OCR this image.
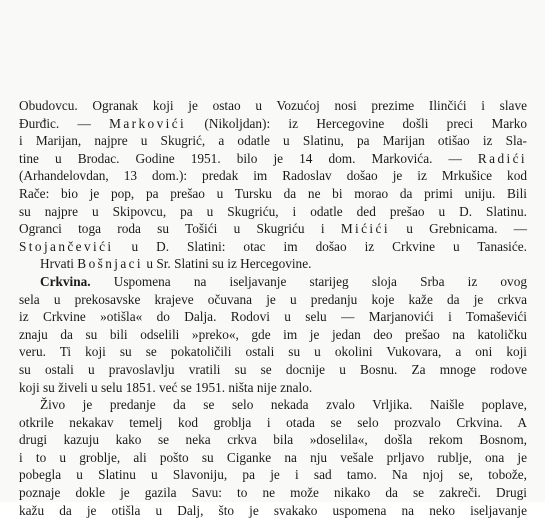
Obudovcu. Ogranak koji je ostao u Vozućoj nosi prezime Ilinčići i slave
Đurđic. — Markovići (Nikoljdan): iz Hercegovine došli preci Marko
i Marijan, najpre u Skugrić, a odatle u Slatinu, pa Marijan otišao iz Sla-
tine u Brodac. Godine 1951. bilo je 14 dom. Markovića. — Radići
(Arhandelovdan, 13 dom.): predak im Radoslav došao je iz Mrkušice kod
Rače: bio je pop, pa prešao u Tursku da ne bi morao da primi uniju. Bili
su najpre u Skipovcu, pa u Skugriću, i odatle dеd prešao u D. Slatinu.
Ogranci toga roda su Tošići u Skugriću i Mićići u Grebnicama. —
Stojančevići u D. Slatini: otac im došao iz Crkvine u Tanasiće.
Hrvati Bošnjaci u Sr. Slatini su iz Hercegovine.
Crkvina. Uspomena na iseljavanje starijeg sloja Srba iz ovog
sela u prekosavske krajeve očuvana je u predanju koje kaže da je crkva
iz Crkvine »otišla« do Dalja. Rodovi u selu — Marjanovići i Tomaševići
znaju da su bili odselili »preko«, gde im je jedan deo prešao na katoličku
veru. Ti koji su se pokatoličili ostali su u okolini Vukovara, a oni koji
su ostali u pravoslavlju vratili su se docnije u Bosnu. Za mnoge rodove
koji su živeli u selu 1851. već se 1951. ništa nije znalo.
Živo je predanje da se selo nekada zvalo Vrljika. Naišle poplave,
otkrile nekakav temelj kod groblja i otada se selo prozvalo Crkvina. A
drugi kazuju kako se neka crkva bila »doselila«, došla rekom Bosnom,
i to u groblje, ali pošto su Ciganke na nju vešale prljavo rublje, ona je
pobegla u Slatinu u Slavoniju, pa je i sad tamo. Na njoj se, tobože,
poznaje dokle je gazila Savu: to ne može nikako da se zakreči. Drugi
kažu da je otišla u Dalj, što je svakako uspomena na neko iseljavanje
